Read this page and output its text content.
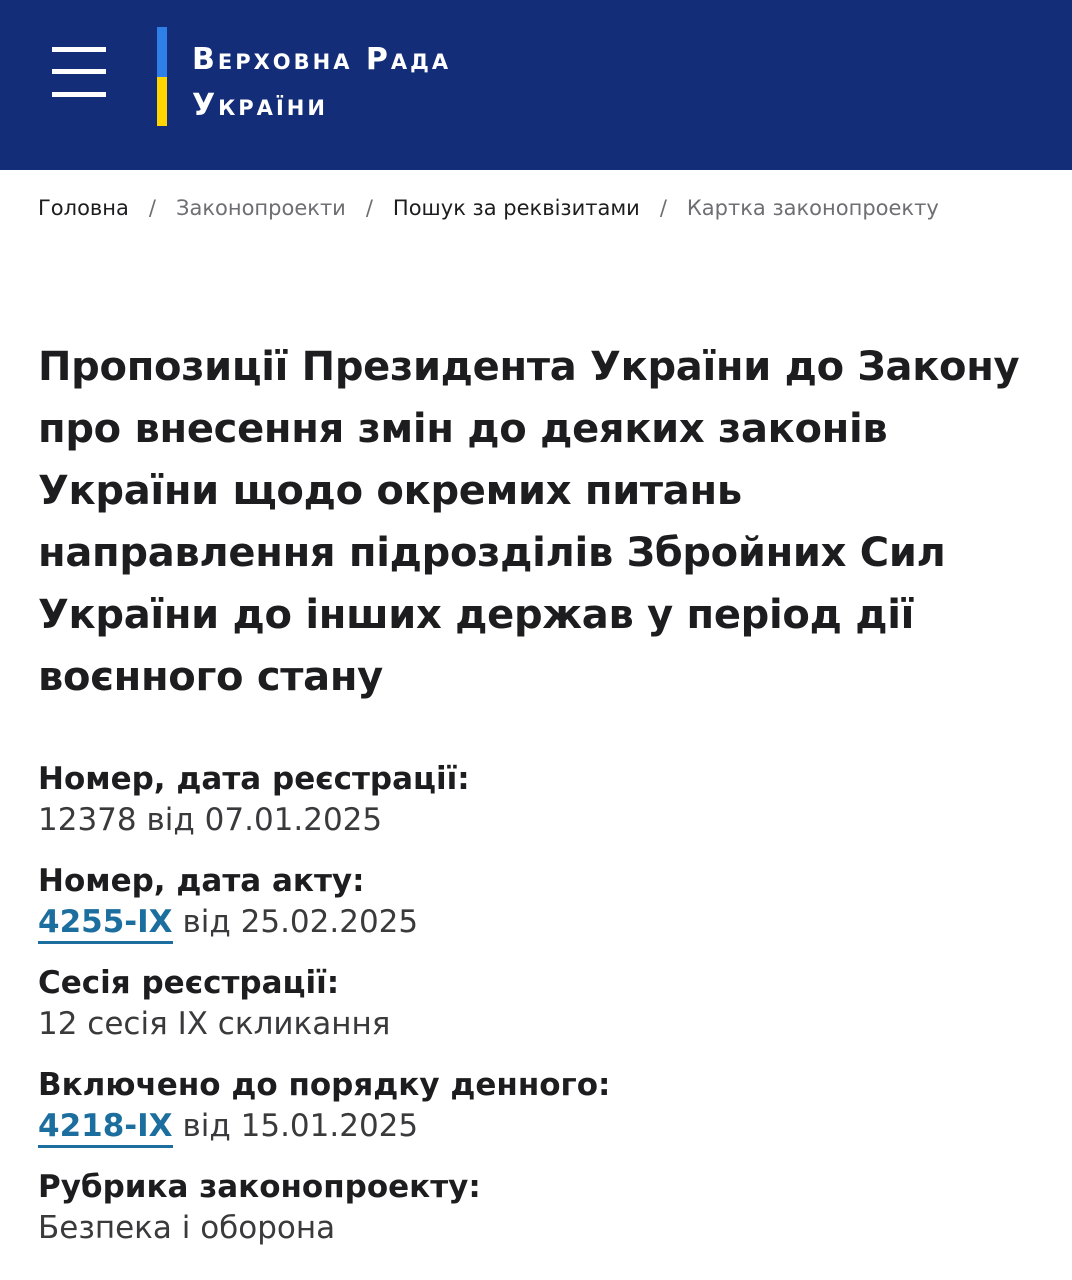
Верховна Рада
України
Головна / Законопроекти / Пошук за реквізитами / Картка законопроекту
Пропозиції Президента України до Закону про внесення змін до деяких законів України щодо окремих питань направлення підрозділів Збройних Сил України до інших держав у період дії воєнного стану
Номер, дата реєстрації:
12378 від 07.01.2025
Номер, дата акту:
4255-IX від 25.02.2025
Сесія реєстрації:
12 сесія IX скликання
Включено до порядку денного:
4218-IX від 15.01.2025
Рубрика законопроекту:
Безпека і оборона
